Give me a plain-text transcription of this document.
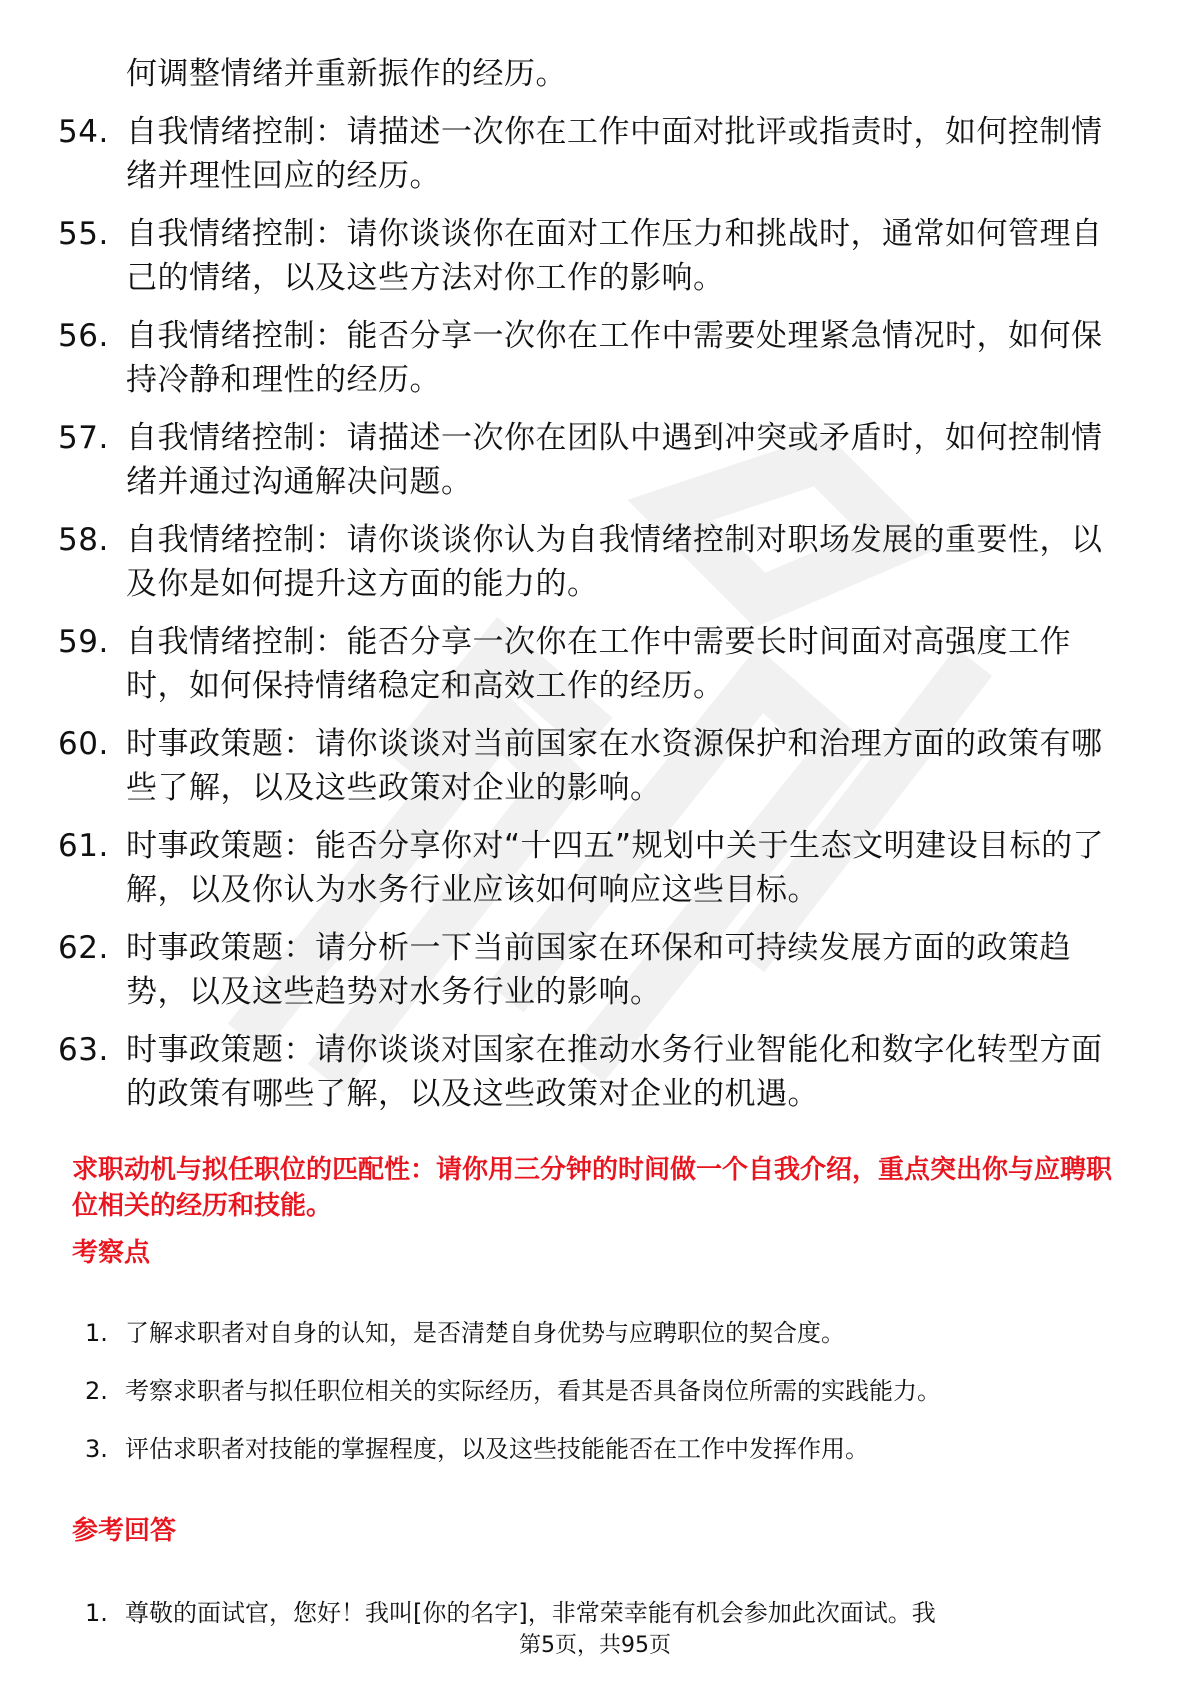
何调整情绪并重新振作的经历。
54. 自我情绪控制：请描述一次你在工作中面对批评或指责时，如何控制情绪并理性回应的经历。
55. 自我情绪控制：请你谈谈你在面对工作压力和挑战时，通常如何管理自己的情绪，以及这些方法对你工作的影响。
56. 自我情绪控制：能否分享一次你在工作中需要处理紧急情况时，如何保持冷静和理性的经历。
57. 自我情绪控制：请描述一次你在团队中遇到冲突或矛盾时，如何控制情绪并通过沟通解决问题。
58. 自我情绪控制：请你谈谈你认为自我情绪控制对职场发展的重要性，以及你是如何提升这方面的能力的。
59. 自我情绪控制：能否分享一次你在工作中需要长时间面对高强度工作时，如何保持情绪稳定和高效工作的经历。
60. 时事政策题：请你谈谈对当前国家在水资源保护和治理方面的政策有哪些了解，以及这些政策对企业的影响。
61. 时事政策题：能否分享你对“十四五”规划中关于生态文明建设目标的了解，以及你认为水务行业应该如何响应这些目标。
62. 时事政策题：请分析一下当前国家在环保和可持续发展方面的政策趋势，以及这些趋势对水务行业的影响。
63. 时事政策题：请你谈谈对国家在推动水务行业智能化和数字化转型方面的政策有哪些了解，以及这些政策对企业的机遇。
求职动机与拟任职位的匹配性：请你用三分钟的时间做一个自我介绍，重点突出你与应聘职位相关的经历和技能。
考察点
1. 了解求职者对自身的认知，是否清楚自身优势与应聘职位的契合度。
2. 考察求职者与拟任职位相关的实际经历，看其是否具备岗位所需的实践能力。
3. 评估求职者对技能的掌握程度，以及这些技能能否在工作中发挥作用。
参考回答
1. 尊敬的面试官，您好！我叫[你的名字]，非常荣幸能有机会参加此次面试。我
第5页，共95页
